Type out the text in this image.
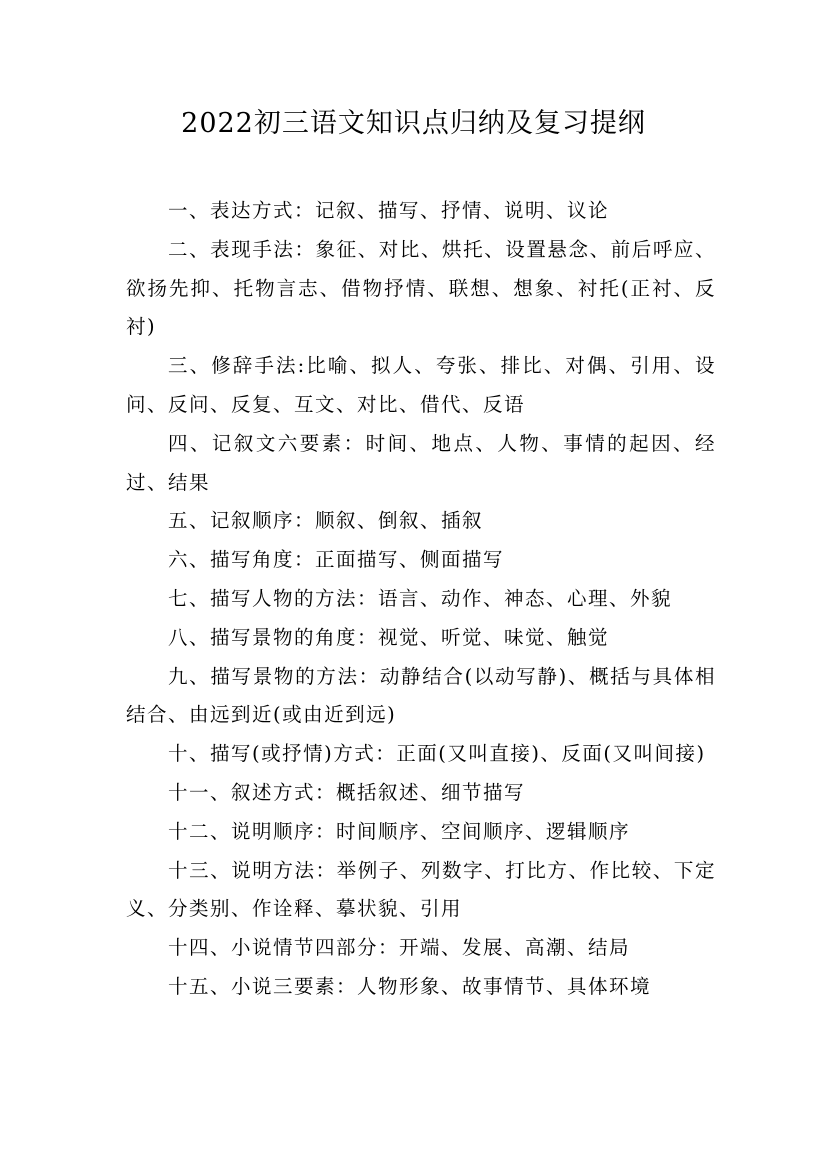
2022初三语文知识点归纳及复习提纲

一、表达方式：记叙、描写、抒情、说明、议论

二、表现手法：象征、对比、烘托、设置悬念、前后呼应、欲扬先抑、托物言志、借物抒情、联想、想象、衬托(正衬、反衬)

三、修辞手法:比喻、拟人、夸张、排比、对偶、引用、设问、反问、反复、互文、对比、借代、反语

四、记叙文六要素：时间、地点、人物、事情的起因、经过、结果

五、记叙顺序：顺叙、倒叙、插叙

六、描写角度：正面描写、侧面描写

七、描写人物的方法：语言、动作、神态、心理、外貌

八、描写景物的角度：视觉、听觉、味觉、触觉

九、描写景物的方法：动静结合(以动写静)、概括与具体相结合、由远到近(或由近到远)

十、描写(或抒情)方式：正面(又叫直接)、反面(又叫间接)

十一、叙述方式：概括叙述、细节描写

十二、说明顺序：时间顺序、空间顺序、逻辑顺序

十三、说明方法：举例子、列数字、打比方、作比较、下定义、分类别、作诠释、摹状貌、引用

十四、小说情节四部分：开端、发展、高潮、结局

十五、小说三要素：人物形象、故事情节、具体环境
